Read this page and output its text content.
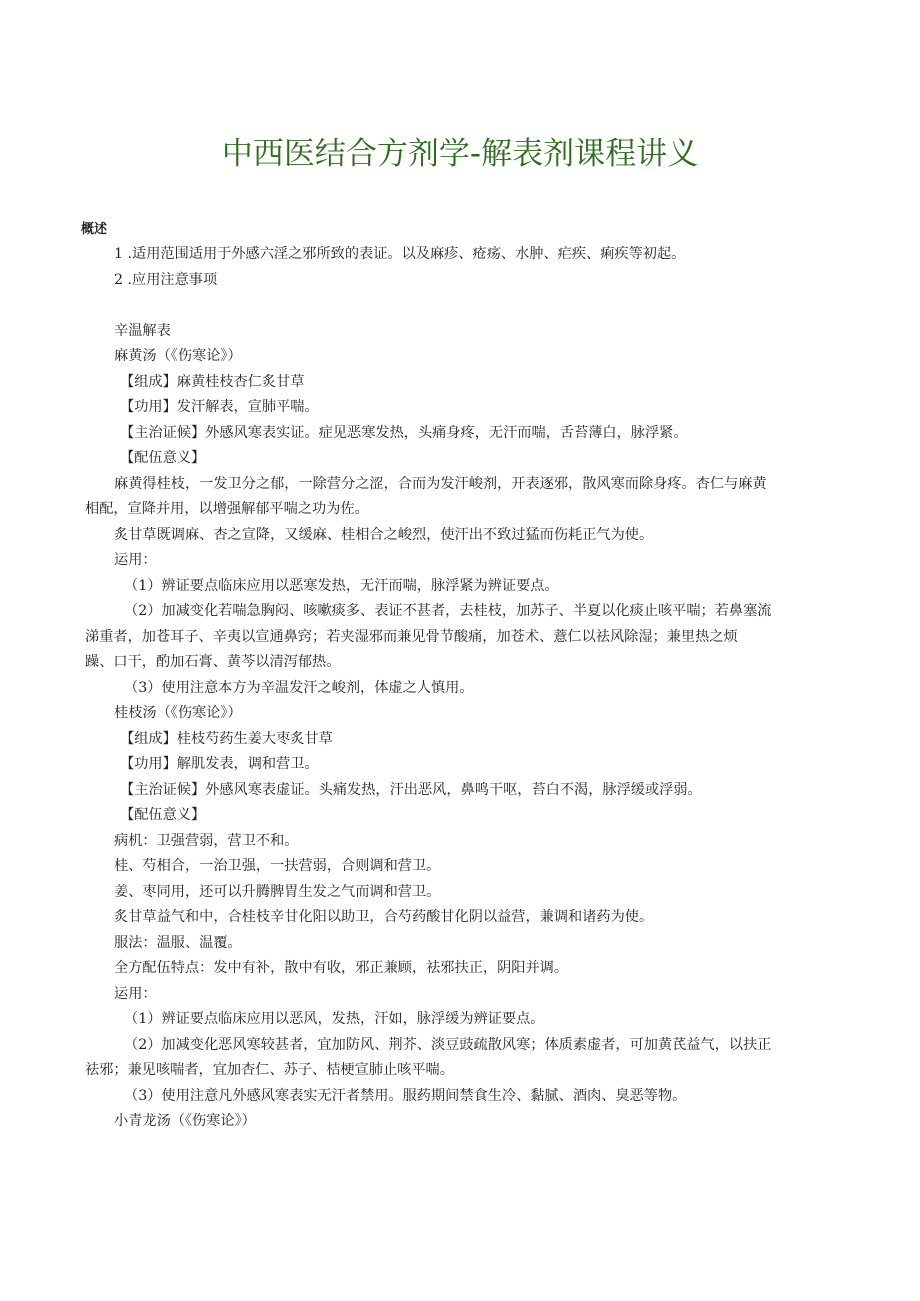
中西医结合方剂学-解表剂课程讲义
概述
1 .适用范围适用于外感六淫之邪所致的表证。以及麻疹、疮疡、水肿、疟疾、痢疾等初起。
2 .应用注意事项
辛温解表
麻黄汤（《伤寒论》）
【组成】麻黄桂枝杏仁炙甘草
【功用】发汗解表，宣肺平喘。
【主治证候】外感风寒表实证。症见恶寒发热，头痛身疼，无汗而喘，舌苔薄白，脉浮紧。
【配伍意义】
麻黄得桂枝，一发卫分之郁，一除营分之涩，合而为发汗峻剂，开表逐邪，散风寒而除身疼。杏仁与麻黄
相配，宣降并用，以增强解郁平喘之功为佐。
炙甘草既调麻、杏之宣降，又缓麻、桂相合之峻烈，使汗出不致过猛而伤耗正气为使。
运用：
（1）辨证要点临床应用以恶寒发热，无汗而喘，脉浮紧为辨证要点。
（2）加减变化若喘急胸闷、咳嗽痰多、表证不甚者，去桂枝，加苏子、半夏以化痰止咳平喘；若鼻塞流
涕重者，加苍耳子、辛夷以宣通鼻窍；若夹湿邪而兼见骨节酸痛，加苍术、薏仁以祛风除湿；兼里热之烦
躁、口干，酌加石膏、黄芩以清泻郁热。
（3）使用注意本方为辛温发汗之峻剂，体虚之人慎用。
桂枝汤（《伤寒论》）
【组成】桂枝芍药生姜大枣炙甘草
【功用】解肌发表，调和营卫。
【主治证候】外感风寒表虚证。头痛发热，汗出恶风，鼻鸣干呕，苔白不渴，脉浮缓或浮弱。
【配伍意义】
病机：卫强营弱，营卫不和。
桂、芍相合，一治卫强，一扶营弱，合则调和营卫。
姜、枣同用，还可以升腾脾胃生发之气而调和营卫。
炙甘草益气和中，合桂枝辛甘化阳以助卫，合芍药酸甘化阴以益营，兼调和诸药为使。
服法：温服、温覆。
全方配伍特点：发中有补，散中有收，邪正兼顾，祛邪扶正，阴阳并调。
运用：
（1）辨证要点临床应用以恶风，发热，汗如，脉浮缓为辨证要点。
（2）加减变化恶风寒较甚者，宜加防风、荆芥、淡豆豉疏散风寒；体质素虚者，可加黄芪益气，以扶正
祛邪；兼见咳喘者，宜加杏仁、苏子、桔梗宣肺止咳平喘。
（3）使用注意凡外感风寒表实无汗者禁用。服药期间禁食生冷、黏腻、酒肉、臭恶等物。
小青龙汤（《伤寒论》）
